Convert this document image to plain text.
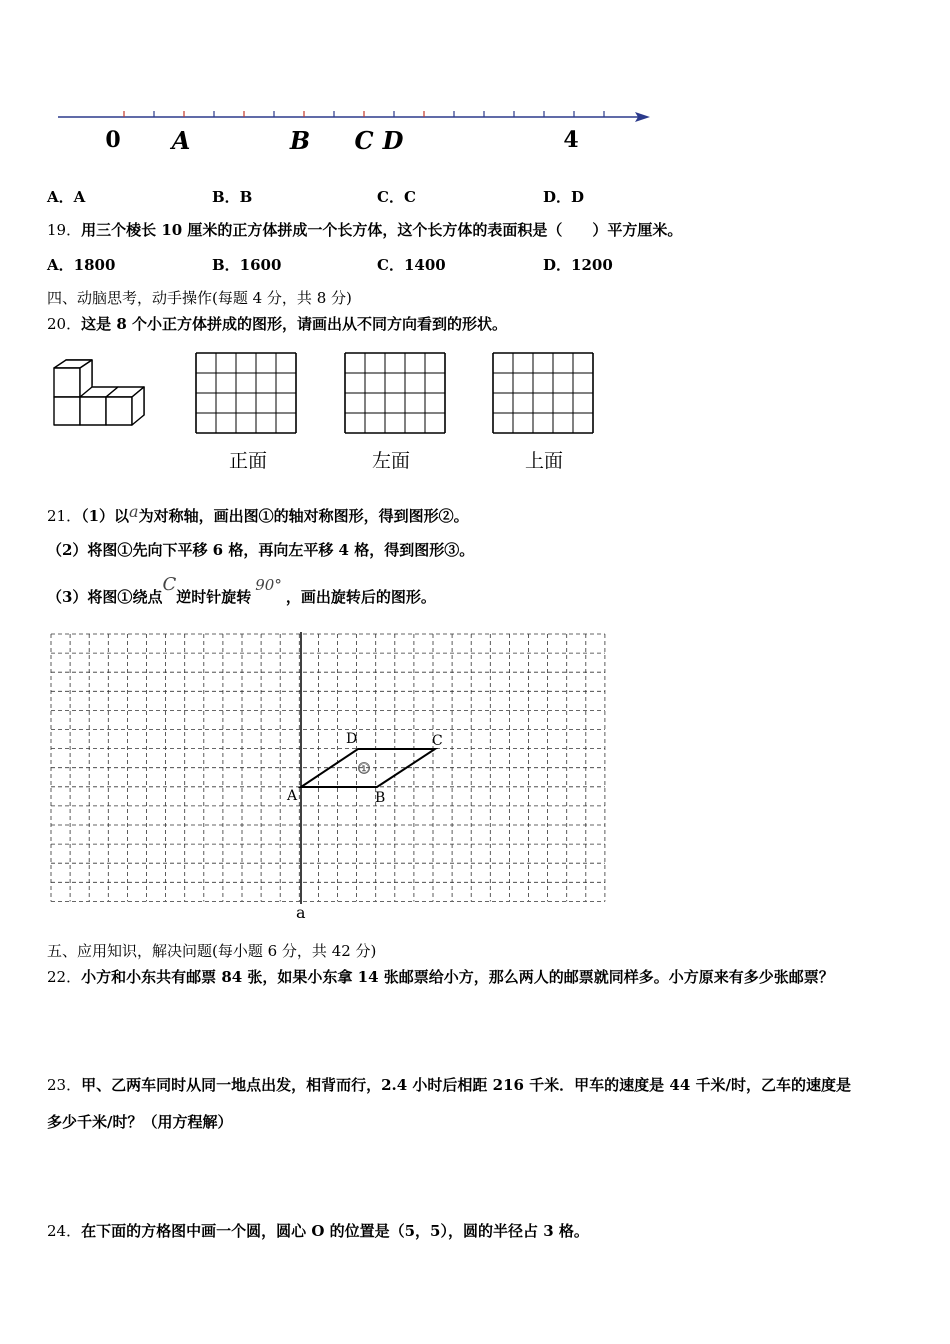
0 A	B C D	4
A．A	B．B	C．C	D．D
19．用三个棱长 10 厘米的正方体拼成一个长方体，这个长方体的表面积是（　　）平方厘米。
A．1800	B．1600	C．1400	D．1200
四、动脑思考，动手操作(每题 4 分，共 8 分)
20．这是 8 个小正方体拼成的图形，请画出从不同方向看到的形状。
正面	左面	上面
21．（1）以a为对称轴，画出图①的轴对称图形，得到图形②。
（2）将图①先向下平移 6 格，再向左平移 4 格，得到图形③。
（3）将图①绕点C逆时针旋转90°，画出旋转后的图形。
①
A	B
C
D
a
五、应用知识，解决问题(每小题 6 分，共 42 分)
22．小方和小东共有邮票 84 张，如果小东拿 14 张邮票给小方，那么两人的邮票就同样多。小方原来有多少张邮票？
23．甲、乙两车同时从同一地点出发，相背而行，2.4 小时后相距 216 千米．甲车的速度是 44 千米/时，乙车的速度是
多少千米/时？（用方程解）
24．在下面的方格图中画一个圆，圆心 O 的位置是（5，5），圆的半径占 3 格。
